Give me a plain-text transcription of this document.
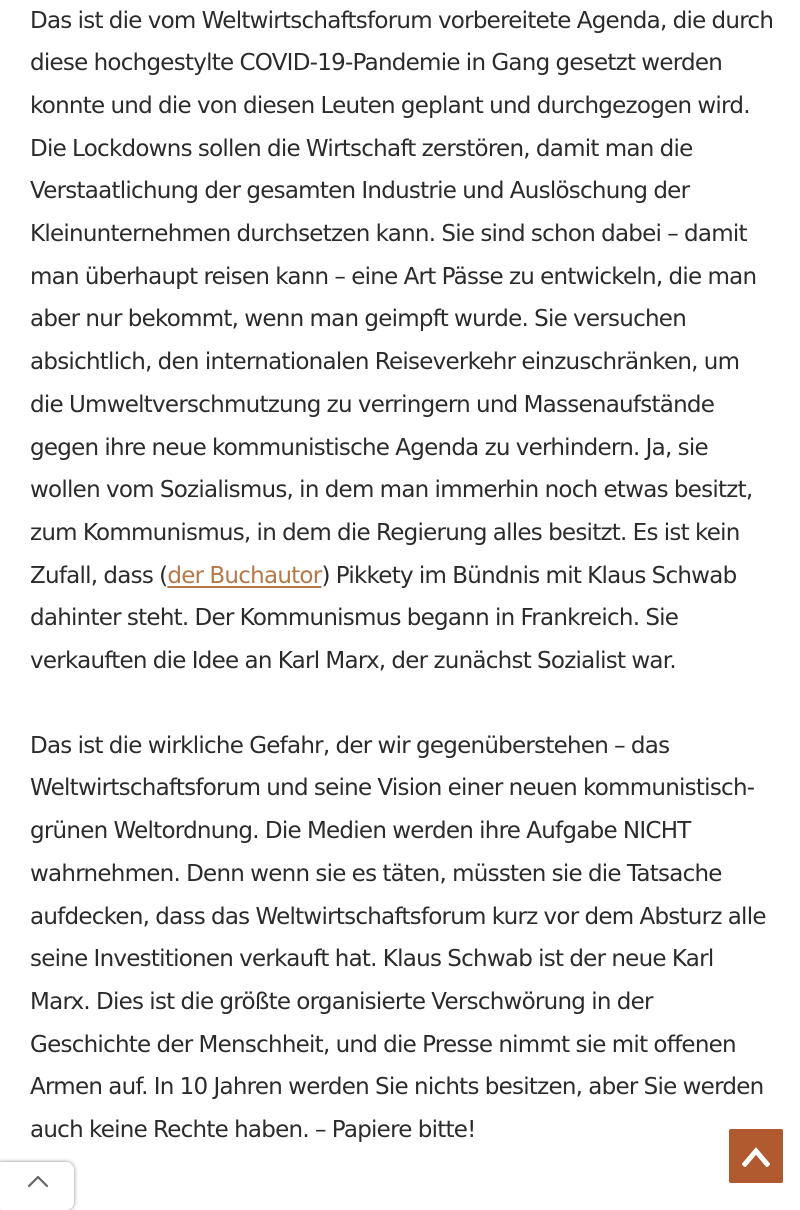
Das ist die vom Weltwirtschaftsforum vorbereitete Agenda, die durch diese hochgestylte COVID-19-Pandemie in Gang gesetzt werden konnte und die von diesen Leuten geplant und durchgezogen wird. Die Lockdowns sollen die Wirtschaft zerstören, damit man die Verstaatlichung der gesamten Industrie und Auslöschung der Kleinunternehmen durchsetzen kann. Sie sind schon dabei – damit man überhaupt reisen kann – eine Art Pässe zu entwickeln, die man aber nur bekommt, wenn man geimpft wurde. Sie versuchen absichtlich, den internationalen Reiseverkehr einzuschränken, um die Umweltverschmutzung zu verringern und Massenaufstände gegen ihre neue kommunistische Agenda zu verhindern. Ja, sie wollen vom Sozialismus, in dem man immerhin noch etwas besitzt, zum Kommunismus, in dem die Regierung alles besitzt. Es ist kein Zufall, dass (der Buchautor) Pikkety im Bündnis mit Klaus Schwab dahinter steht. Der Kommunismus begann in Frankreich. Sie verkauften die Idee an Karl Marx, der zunächst Sozialist war.

Das ist die wirkliche Gefahr, der wir gegenüberstehen – das Weltwirtschaftsforum und seine Vision einer neuen kommunistisch-grünen Weltordnung. Die Medien werden ihre Aufgabe NICHT wahrnehmen. Denn wenn sie es täten, müssten sie die Tatsache aufdecken, dass das Weltwirtschaftsforum kurz vor dem Absturz alle seine Investitionen verkauft hat. Klaus Schwab ist der neue Karl Marx. Dies ist die größte organisierte Verschwörung in der Geschichte der Menschheit, und die Presse nimmt sie mit offenen Armen auf. In 10 Jahren werden Sie nichts besitzen, aber Sie werden auch keine Rechte haben. – Papiere bitte!
